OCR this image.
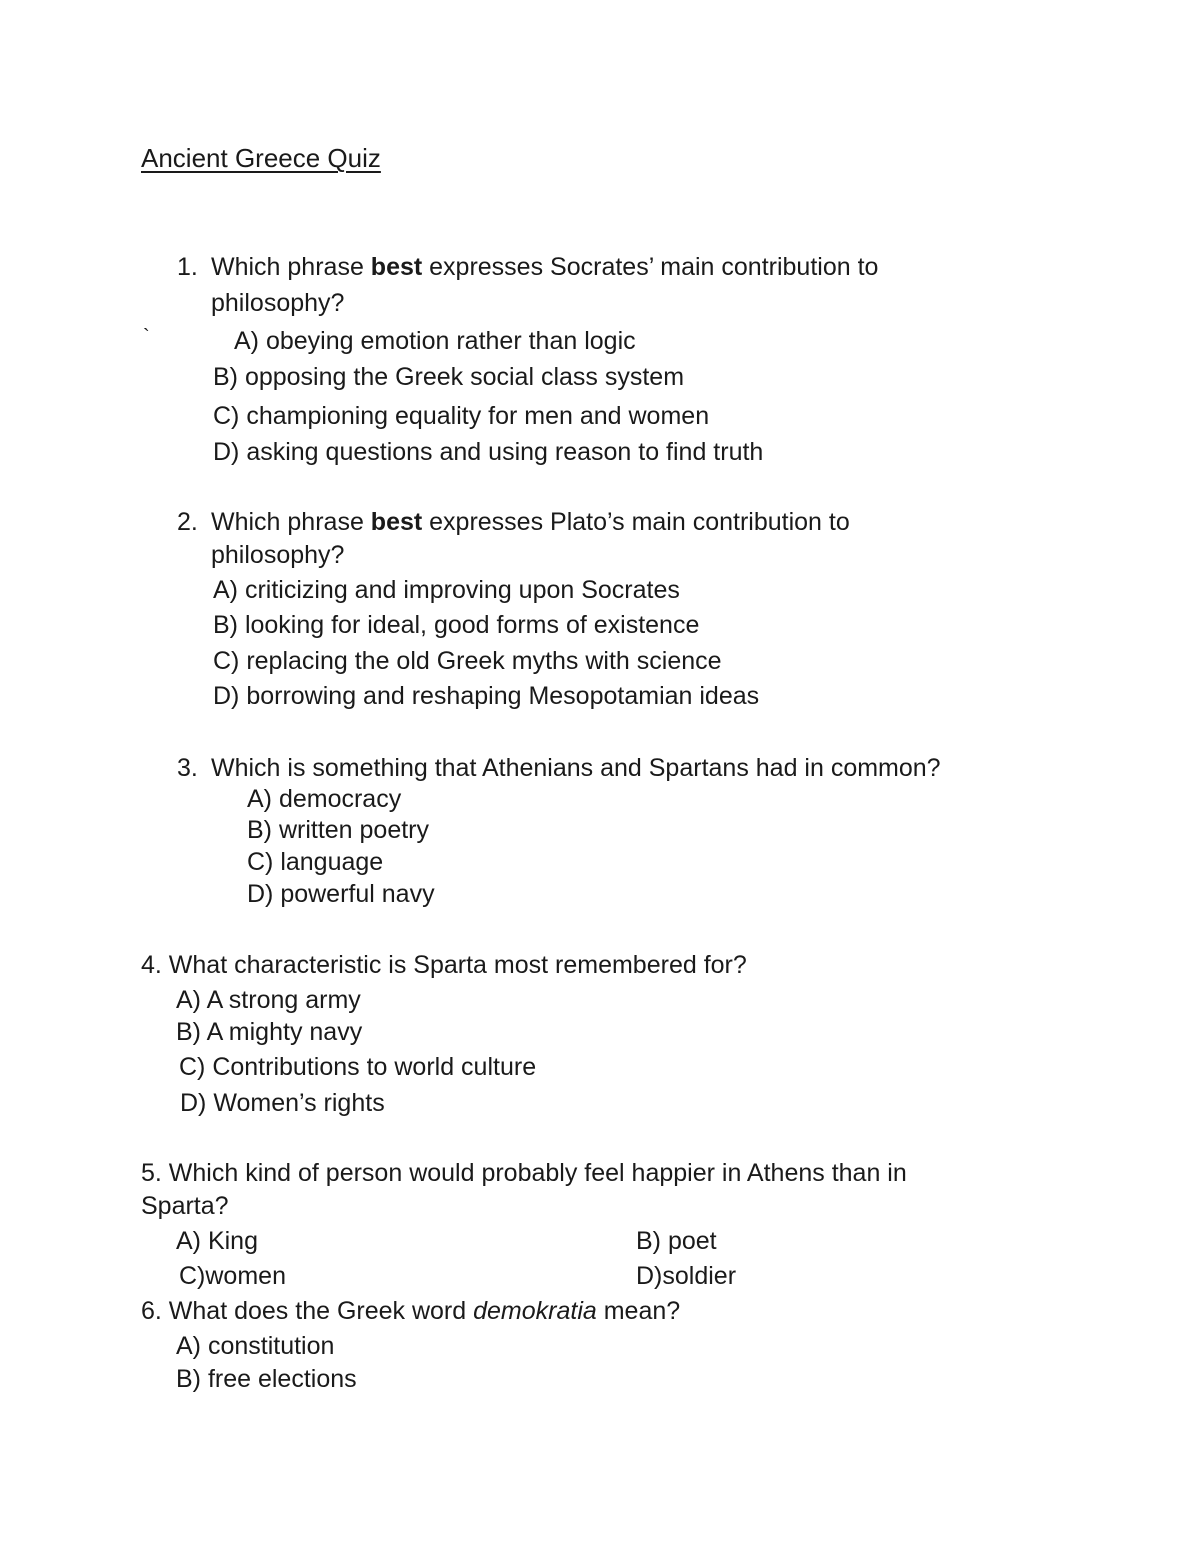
Ancient Greece Quiz
1. Which phrase best expresses Socrates’ main contribution to
philosophy?
`	A) obeying emotion rather than logic
B) opposing the Greek social class system
C) championing equality for men and women
D) asking questions and using reason to find truth
2. Which phrase best expresses Plato’s main contribution to
philosophy?
A) criticizing and improving upon Socrates
B) looking for ideal, good forms of existence
C) replacing the old Greek myths with science
D) borrowing and reshaping Mesopotamian ideas
3. Which is something that Athenians and Spartans had in common?
A) democracy
B) written poetry
C) language
D) powerful navy
4. What characteristic is Sparta most remembered for?
A) A strong army
B) A mighty navy
C) Contributions to world culture
D) Women’s rights
5. Which kind of person would probably feel happier in Athens than in
Sparta?
A) King	B) poet
C)women	D)soldier
6. What does the Greek word demokratia mean?
A) constitution
B) free elections
